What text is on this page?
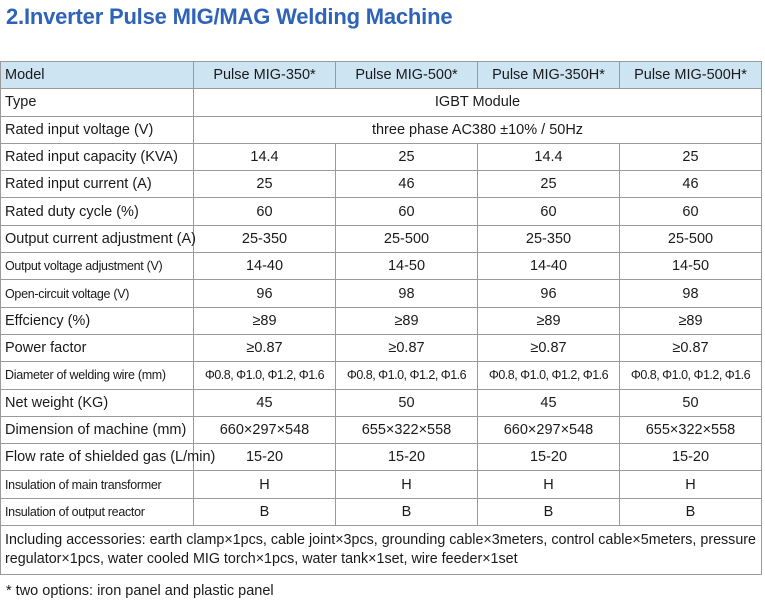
2.Inverter Pulse MIG/MAG Welding Machine
Model	Pulse MIG-350*	Pulse MIG-500*	Pulse MIG-350H*	Pulse MIG-500H*
Type	IGBT Module			
Rated input voltage (V)	three phase AC380 ±10% / 50Hz			
Rated input capacity (KVA)	14.4	25	14.4	25
Rated input current (A)	25	46	25	46
Rated duty cycle (%)	60	60	60	60
Output current adjustment (A)	25-350	25-500	25-350	25-500
Output voltage adjustment (V)	14-40	14-50	14-40	14-50
Open-circuit voltage (V)	96	98	96	98
Effciency (%)	≥89	≥89	≥89	≥89
Power factor	≥0.87	≥0.87	≥0.87	≥0.87
Diameter of welding wire (mm)	Φ0.8, Φ1.0, Φ1.2, Φ1.6	Φ0.8, Φ1.0, Φ1.2, Φ1.6	Φ0.8, Φ1.0, Φ1.2, Φ1.6	Φ0.8, Φ1.0, Φ1.2, Φ1.6
Net weight (KG)	45	50	45	50
Dimension of machine (mm)	660×297×548	655×322×558	660×297×548	655×322×558
Flow rate of shielded gas (L/min)	15-20	15-20	15-20	15-20
Insulation of main transformer	H	H	H	H
Insulation of output reactor	B	B	B	B
Including accessories: earth clamp×1pcs, cable joint×3pcs, grounding cable×3meters, control cable×5meters, pressure regulator×1pcs, water cooled MIG torch×1pcs, water tank×1set, wire feeder×1set				
* two options: iron panel and plastic panel
